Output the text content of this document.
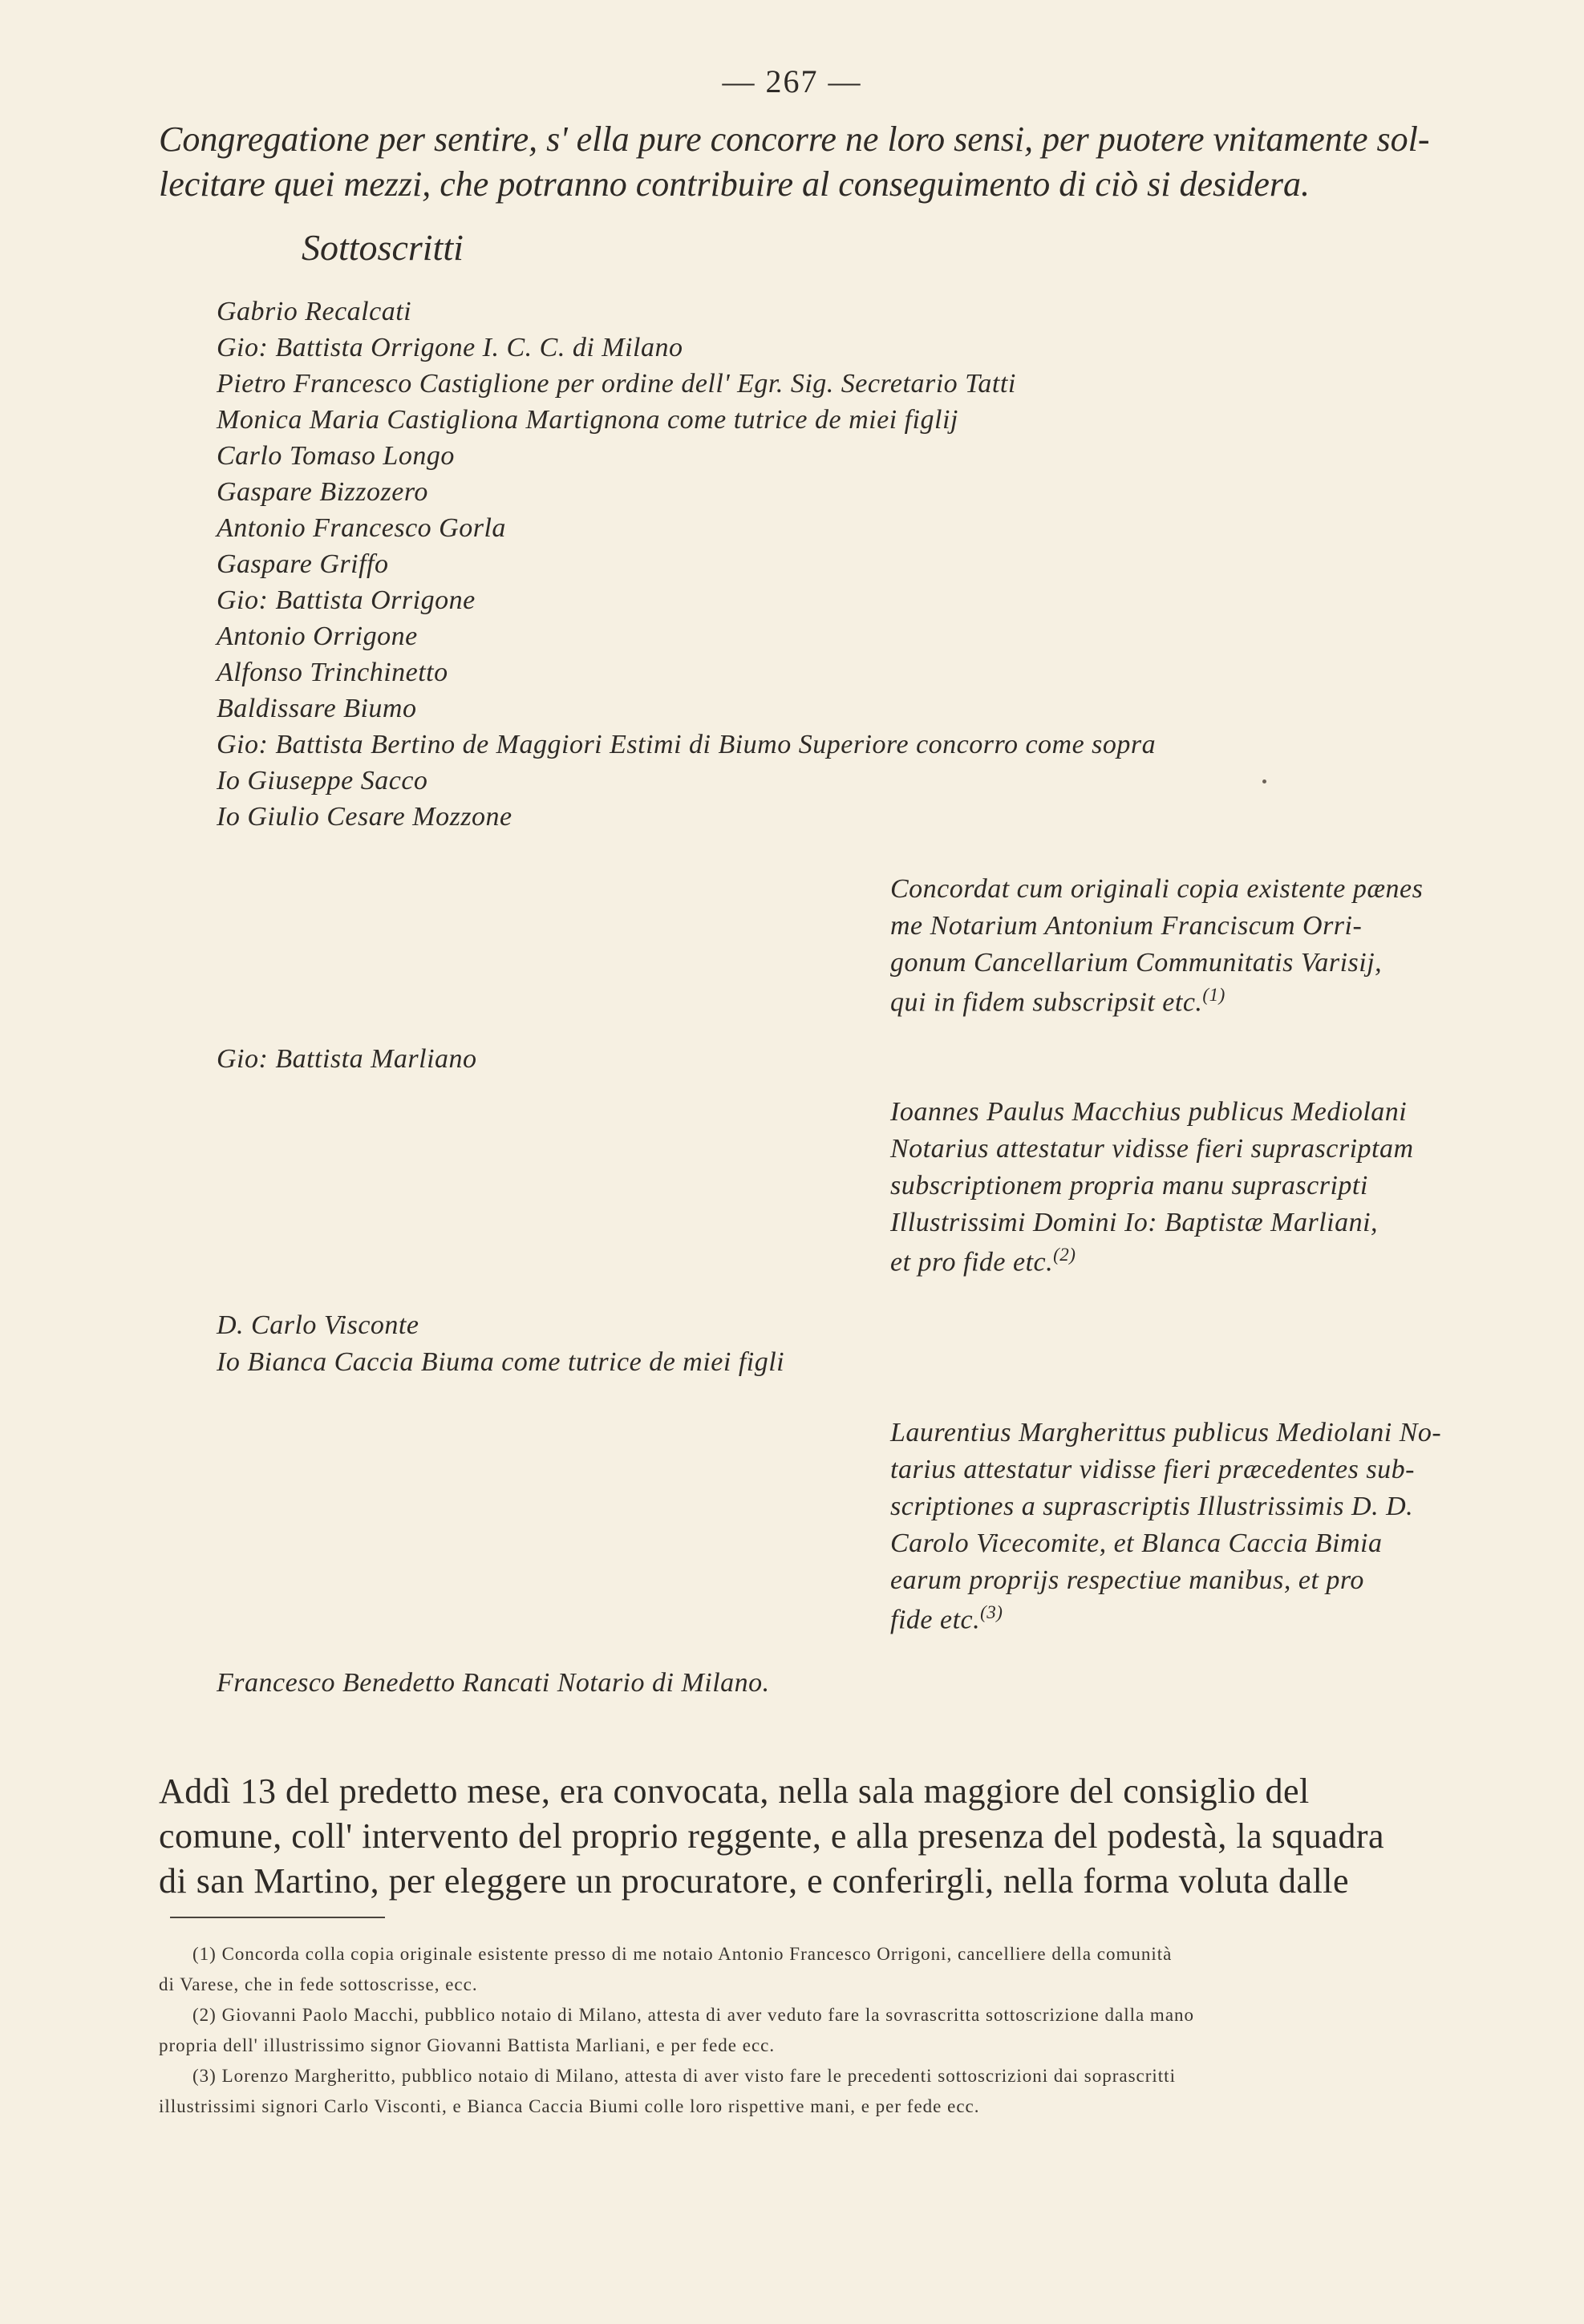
— 267 —
Congregatione per sentire, s' ella pure concorre ne loro sensi, per puotere vnitamente sol-
lecitare quei mezzi, che potranno contribuire al conseguimento di ciò si desidera.
Sottoscritti
Gabrio Recalcati
Gio: Battista Orrigone I. C. C. di Milano
Pietro Francesco Castiglione per ordine dell' Egr. Sig. Secretario Tatti
Monica Maria Castigliona Martignona come tutrice de miei figlij
Carlo Tomaso Longo
Gaspare Bizzozero
Antonio Francesco Gorla
Gaspare Griffo
Gio: Battista Orrigone
Antonio Orrigone
Alfonso Trinchinetto
Baldissare Biumo
Gio: Battista Bertino de Maggiori Estimi di Biumo Superiore concorro come sopra
Io Giuseppe Sacco
Io Giulio Cesare Mozzone
Concordat cum originali copia existente pænes
me Notarium Antonium Franciscum Orri-
gonum Cancellarium Communitatis Varisij,
qui in fidem subscripsit etc.$^{(1)}$
Gio: Battista Marliano
Ioannes Paulus Macchius publicus Mediolani
Notarius attestatur vidisse fieri suprascriptam
subscriptionem propria manu suprascripti
Illustrissimi Domini Io: Baptistæ Marliani,
et pro fide etc.$^{(2)}$
D. Carlo Visconte
Io Bianca Caccia Biuma come tutrice de miei figli
Laurentius Margherittus publicus Mediolani No-
tarius attestatur vidisse fieri præcedentes sub-
scriptiones a suprascriptis Illustrissimis D. D.
Carolo Vicecomite, et Blanca Caccia Bimia
earum proprijs respectiue manibus, et pro
fide etc.$^{(3)}$
Francesco Benedetto Rancati Notario di Milano.
Addì 13 del predetto mese, era convocata, nella sala maggiore del consiglio del
comune, coll' intervento del proprio reggente, e alla presenza del podestà, la squadra
di san Martino, per eleggere un procuratore, e conferirgli, nella forma voluta dalle
(1) Concorda colla copia originale esistente presso di me notaio Antonio Francesco Orrigoni, cancelliere della comunità
di Varese, che in fede sottoscrisse, ecc.
(2) Giovanni Paolo Macchi, pubblico notaio di Milano, attesta di aver veduto fare la sovrascritta sottoscrizione dalla mano
propria dell' illustrissimo signor Giovanni Battista Marliani, e per fede ecc.
(3) Lorenzo Margheritto, pubblico notaio di Milano, attesta di aver visto fare le precedenti sottoscrizioni dai soprascritti
illustrissimi signori Carlo Visconti, e Bianca Caccia Biumi colle loro rispettive mani, e per fede ecc.
